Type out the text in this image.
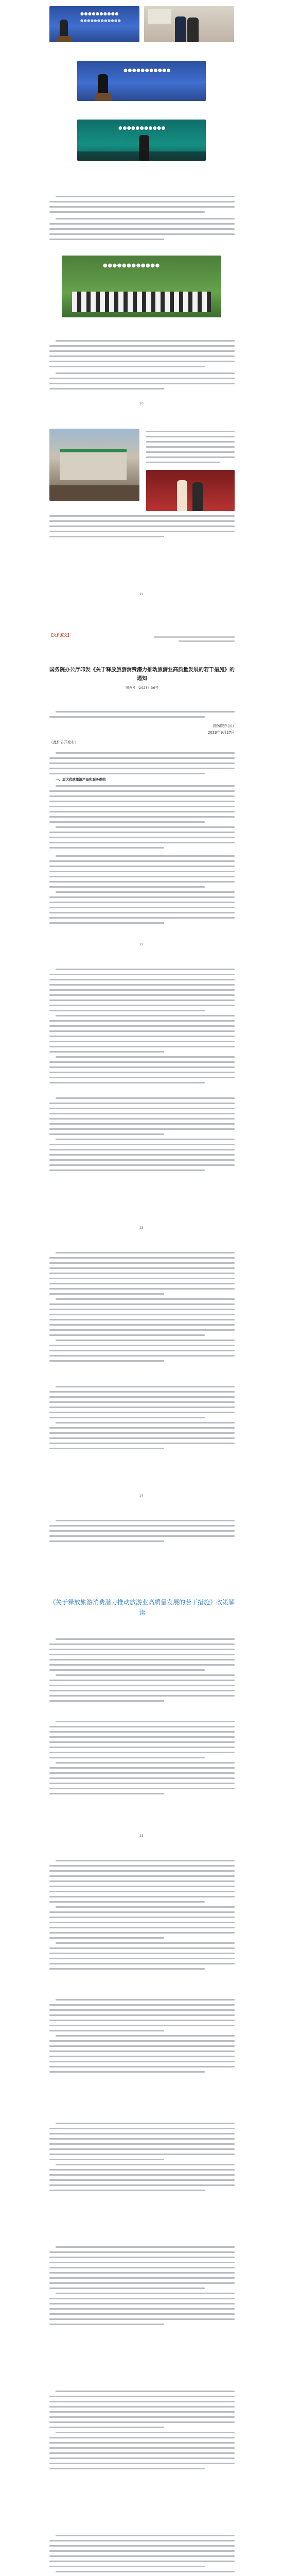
●●●●●●●●●●
●●●●●●●●●●●●

●●●●●●●●●●●

●●●●●●●●●●●

●●●●●●●●●●●●

20

21
【文件原文】

国务院办公厅印发《关于释放旅游消费潜力推动旅游业高质量发展的若干措施》的通知
国办发〔2023〕36号

国务院办公厅

2023年9月27日

（此件公开发布）

一、加大优质旅游产品和服务供给
22
23
24
《关于释放旅游消费潜力推动旅游业高质量发展的若干措施》政策解读
25
